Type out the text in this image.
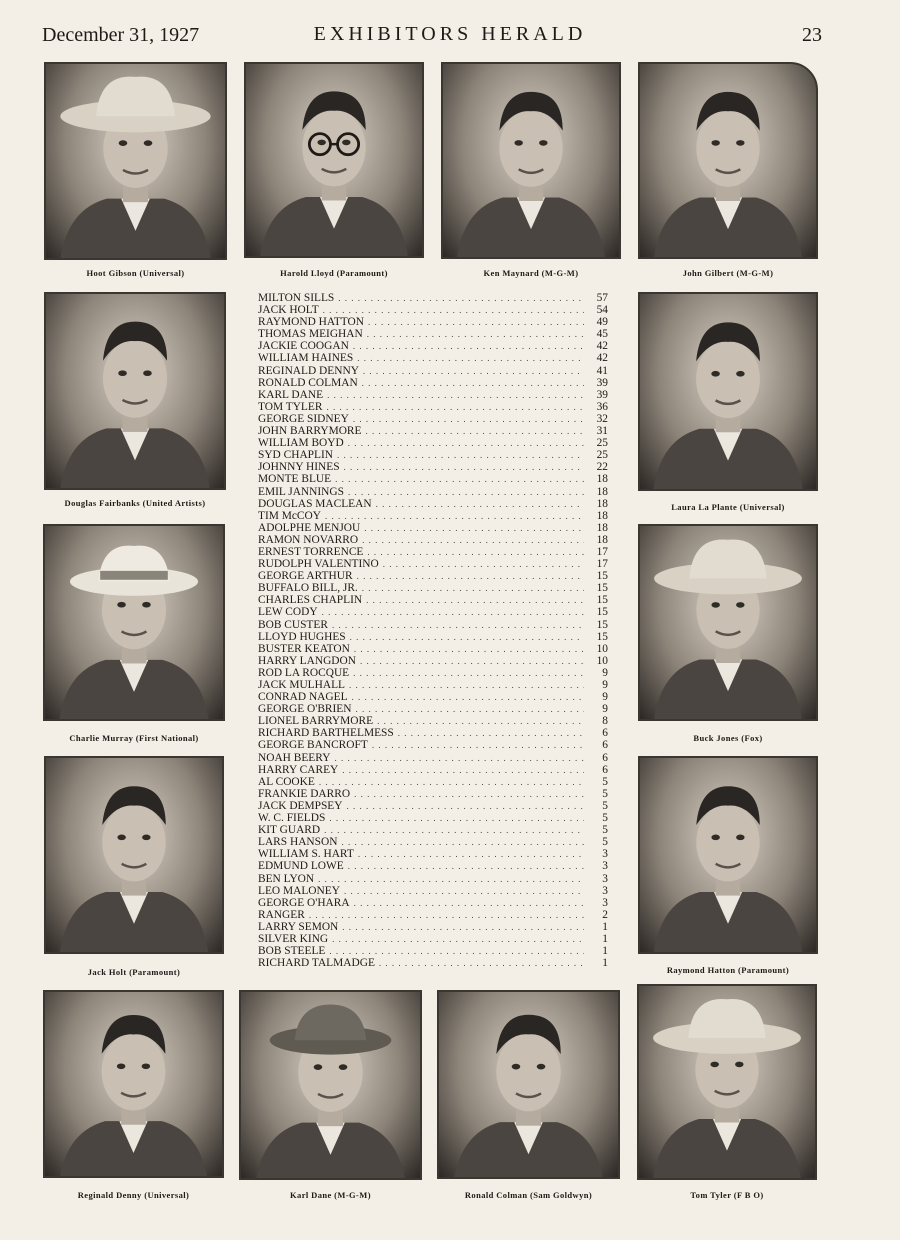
December 31, 1927	EXHIBITORS HERALD	23
Hoot Gibson (Universal)	Harold Lloyd (Paramount)	Ken Maynard (M-G-M)	John Gilbert (M-G-M)
Douglas Fairbanks (United Artists)
Charlie Murray (First National)
Jack Holt (Paramount)
Laura La Plante (Universal)
Buck Jones (Fox)
Raymond Hatton (Paramount)
Reginald Denny (Universal)	Karl Dane (M-G-M)	Ronald Colman (Sam Goldwyn)	Tom Tyler (F B O)
MILTON SILLS . . .	57
JACK HOLT . . .	54
RAYMOND HATTON . . .	49
THOMAS MEIGHAN . . .	45
JACKIE COOGAN . . .	42
WILLIAM HAINES . . .	42
REGINALD DENNY . . .	41
RONALD COLMAN . . .	39
KARL DANE . . .	39
TOM TYLER . . .	36
GEORGE SIDNEY . . .	32
JOHN BARRYMORE . . .	31
WILLIAM BOYD . . .	25
SYD CHAPLIN . . .	25
JOHNNY HINES . . .	22
MONTE BLUE . . .	18
EMIL JANNINGS . . .	18
DOUGLAS MACLEAN . . .	18
TIM McCOY . . .	18
ADOLPHE MENJOU . . .	18
RAMON NOVARRO . . .	18
ERNEST TORRENCE . . .	17
RUDOLPH VALENTINO . . .	17
GEORGE ARTHUR . . .	15
BUFFALO BILL, JR. . . .	15
CHARLES CHAPLIN . . .	15
LEW CODY . . .	15
BOB CUSTER . . .	15
LLOYD HUGHES . . .	15
BUSTER KEATON . . .	10
HARRY LANGDON . . .	10
ROD LA ROCQUE . . .	9
JACK MULHALL . . .	9
CONRAD NAGEL . . .	9
GEORGE O'BRIEN . . .	9
LIONEL BARRYMORE . . .	8
RICHARD BARTHELMESS . . .	6
GEORGE BANCROFT . . .	6
NOAH BEERY . . .	6
HARRY CAREY . . .	6
AL COOKE . . .	5
FRANKIE DARRO . . .	5
JACK DEMPSEY . . .	5
W. C. FIELDS . . .	5
KIT GUARD . . .	5
LARS HANSON . . .	5
WILLIAM S. HART . . .	3
EDMUND LOWE . . .	3
BEN LYON . . .	3
LEO MALONEY . . .	3
GEORGE O'HARA . . .	3
RANGER . . .	2
LARRY SEMON . . .	1
SILVER KING . . .	1
BOB STEELE . . .	1
RICHARD TALMADGE . . .	1
